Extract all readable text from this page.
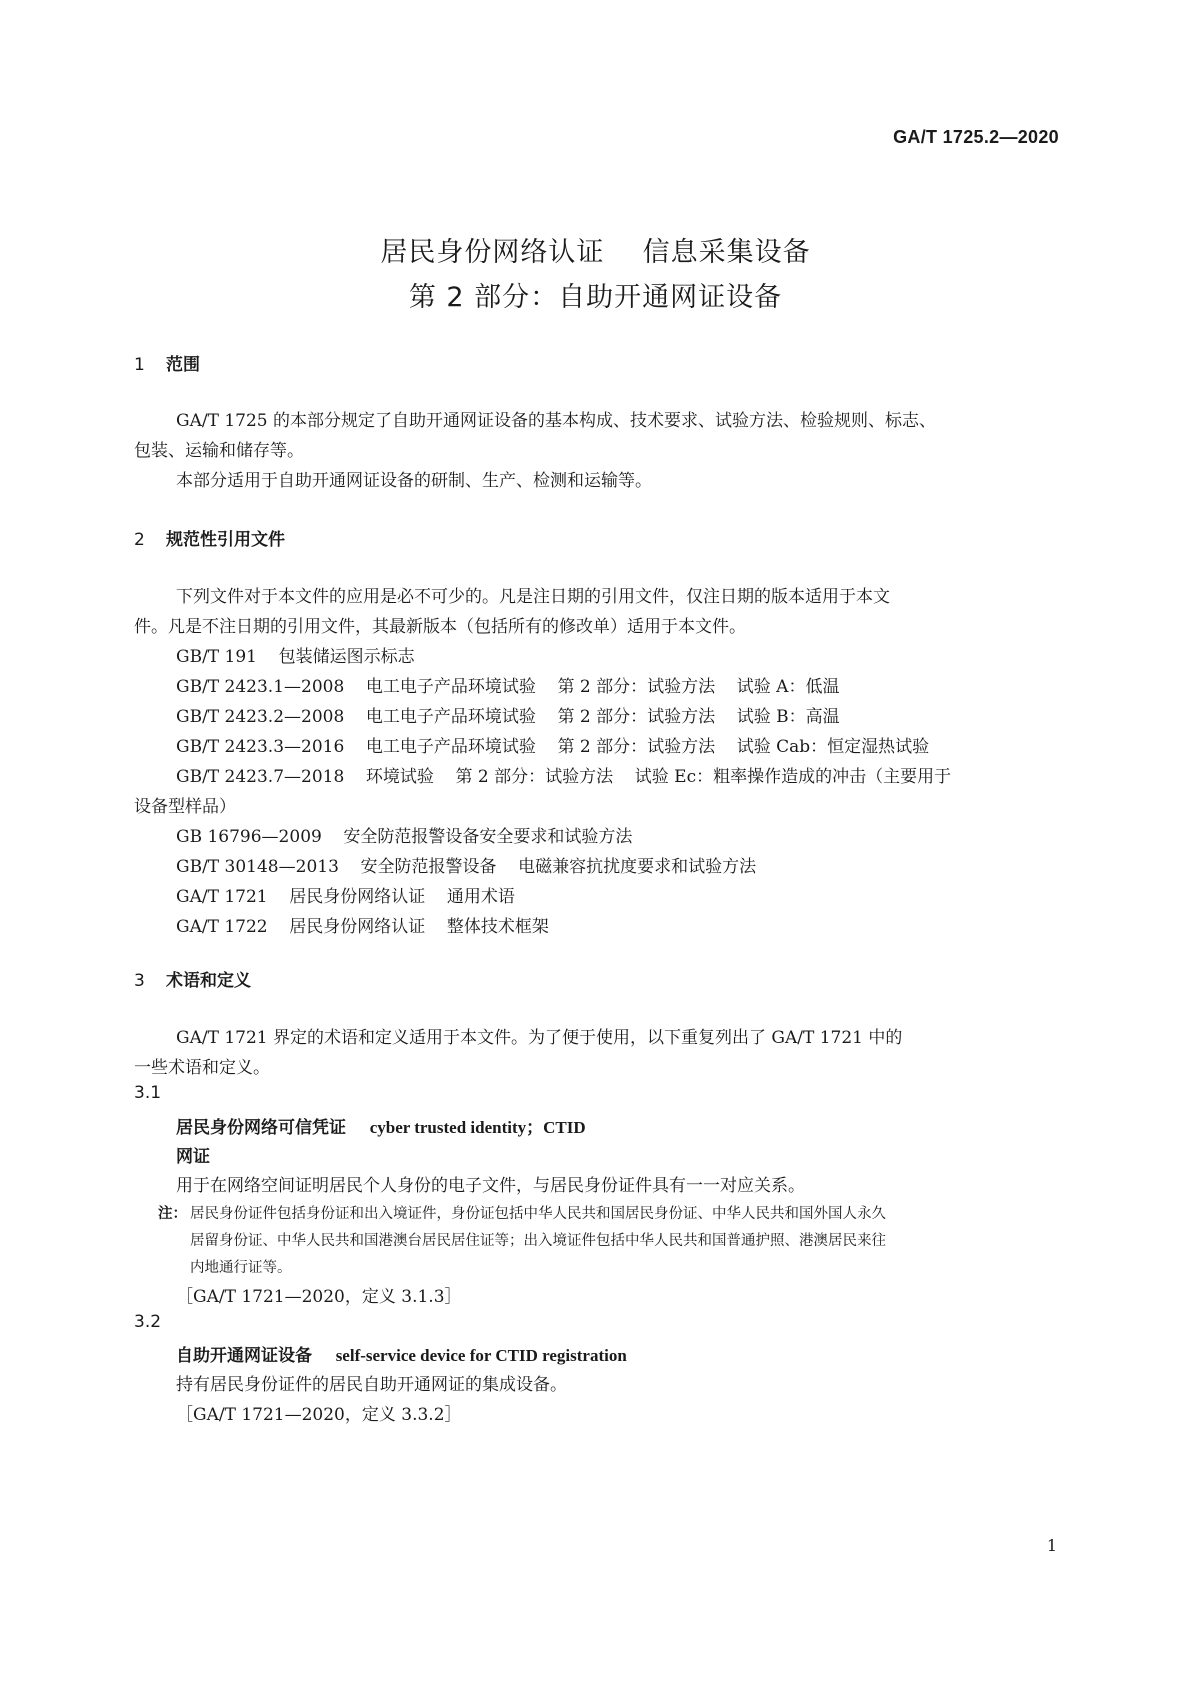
GA/T 1725.2—2020
居民身份网络认证    信息采集设备
第 2 部分：自助开通网证设备
1 范围
GA/T 1725 的本部分规定了自助开通网证设备的基本构成、技术要求、试验方法、检验规则、标志、
包装、运输和储存等。
本部分适用于自助开通网证设备的研制、生产、检测和运输等。
2 规范性引用文件
下列文件对于本文件的应用是必不可少的。凡是注日期的引用文件，仅注日期的版本适用于本文
件。凡是不注日期的引用文件，其最新版本（包括所有的修改单）适用于本文件。
GB/T 191    包装储运图示标志
GB/T 2423.1—2008    电工电子产品环境试验    第 2 部分：试验方法    试验 A：低温
GB/T 2423.2—2008    电工电子产品环境试验    第 2 部分：试验方法    试验 B：高温
GB/T 2423.3—2016    电工电子产品环境试验    第 2 部分：试验方法    试验 Cab：恒定湿热试验
GB/T 2423.7—2018    环境试验    第 2 部分：试验方法    试验 Ec：粗率操作造成的冲击（主要用于
设备型样品）
GB 16796—2009    安全防范报警设备安全要求和试验方法
GB/T 30148—2013    安全防范报警设备    电磁兼容抗扰度要求和试验方法
GA/T 1721    居民身份网络认证    通用术语
GA/T 1722    居民身份网络认证    整体技术框架
3 术语和定义
GA/T 1721 界定的术语和定义适用于本文件。为了便于使用，以下重复列出了 GA/T 1721 中的
一些术语和定义。
3.1
居民身份网络可信凭证 cyber trusted identity；CTID
网证
用于在网络空间证明居民个人身份的电子文件，与居民身份证件具有一一对应关系。
注： 居民身份证件包括身份证和出入境证件，身份证包括中华人民共和国居民身份证、中华人民共和国外国人永久
居留身份证、中华人民共和国港澳台居民居住证等；出入境证件包括中华人民共和国普通护照、港澳居民来往
内地通行证等。
［GA/T 1721—2020，定义 3.1.3］
3.2
自助开通网证设备 self-service device for CTID registration
持有居民身份证件的居民自助开通网证的集成设备。
［GA/T 1721—2020，定义 3.3.2］
1
